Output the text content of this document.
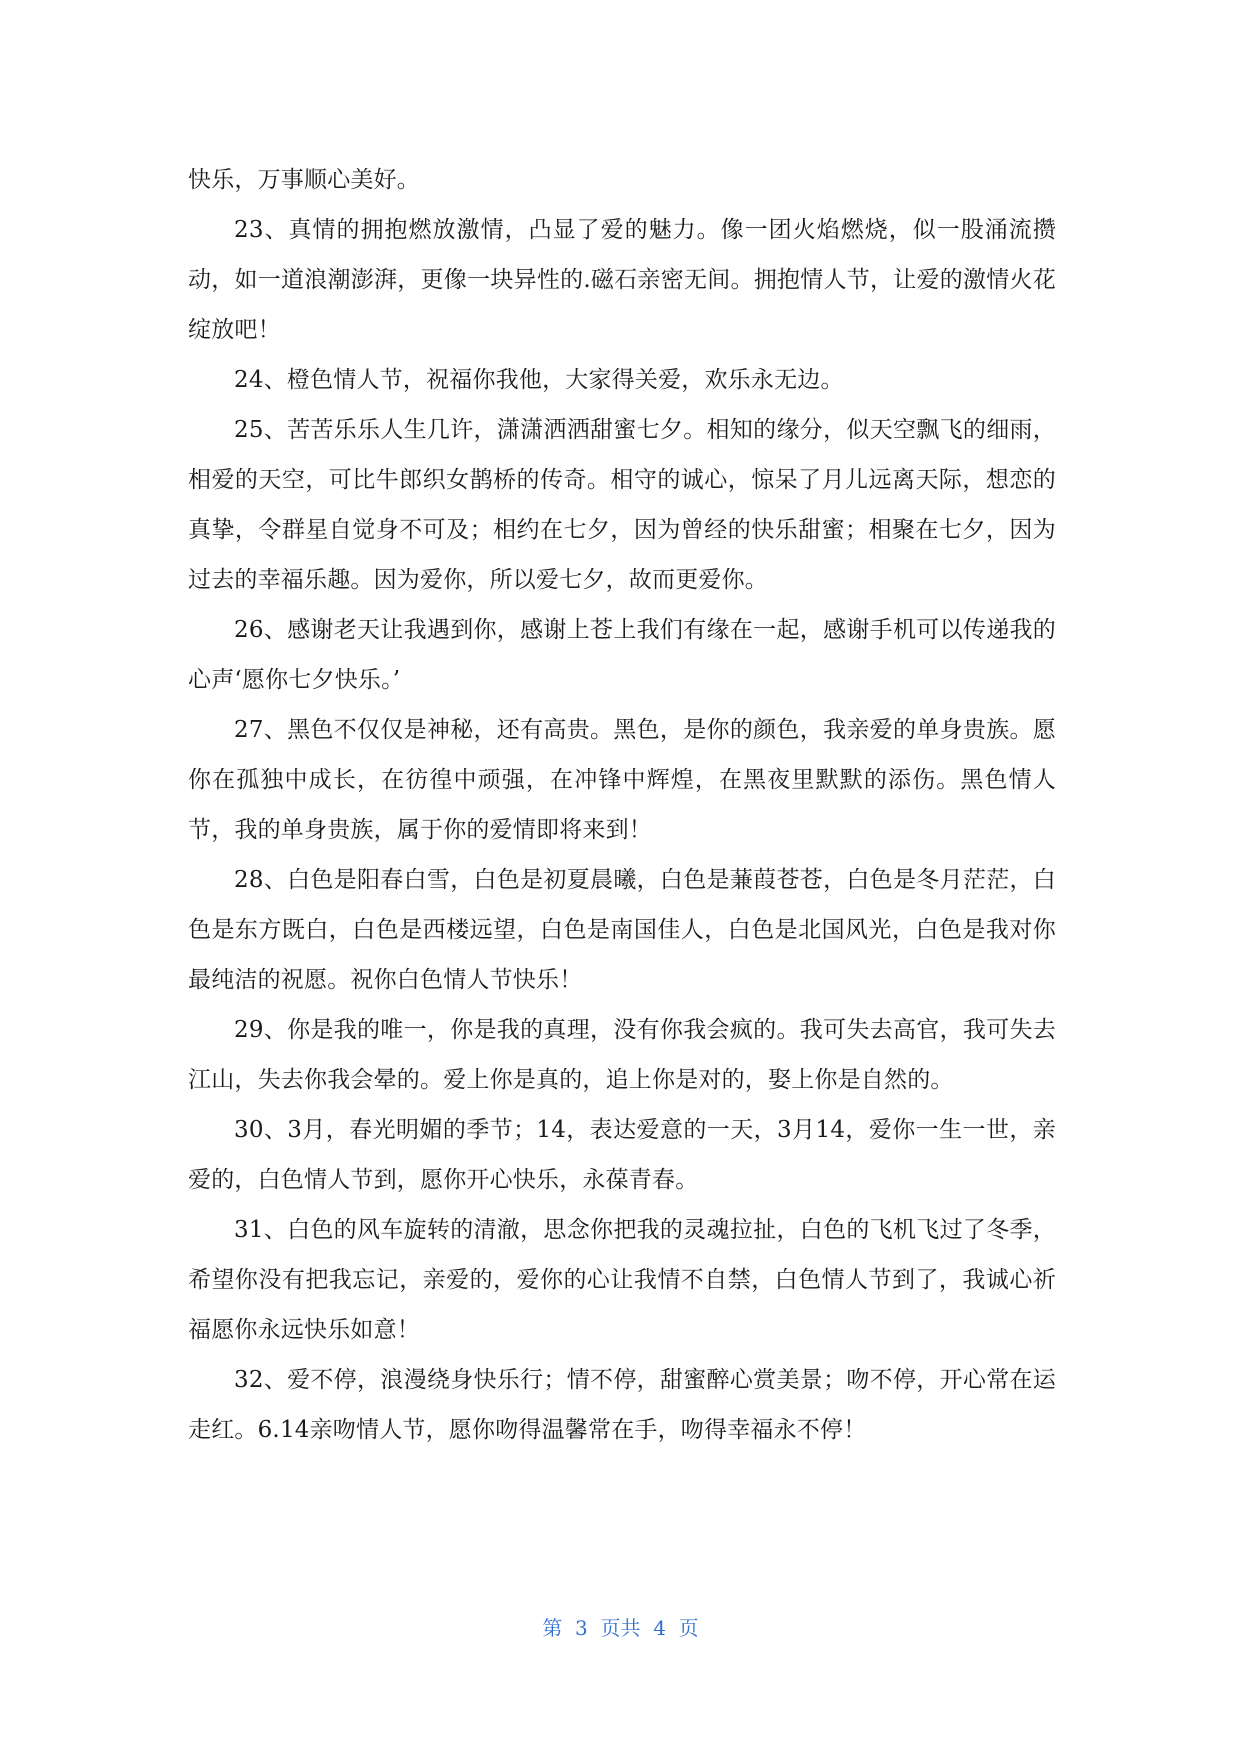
快乐，万事顺心美好。

23、真情的拥抱燃放激情，凸显了爱的魅力。像一团火焰燃烧，似一股涌流攒动，如一道浪潮澎湃，更像一块异性的.磁石亲密无间。拥抱情人节，让爱的激情火花绽放吧！

24、橙色情人节，祝福你我他，大家得关爱，欢乐永无边。

25、苦苦乐乐人生几许，潇潇洒洒甜蜜七夕。相知的缘分，似天空飘飞的细雨，相爱的天空，可比牛郎织女鹊桥的传奇。相守的诚心，惊呆了月儿远离天际，想恋的真挚，令群星自觉身不可及；相约在七夕，因为曾经的快乐甜蜜；相聚在七夕，因为过去的幸福乐趣。因为爱你，所以爱七夕，故而更爱你。

26、感谢老天让我遇到你，感谢上苍上我们有缘在一起，感谢手机可以传递我的心声‘愿你七夕快乐。’

27、黑色不仅仅是神秘，还有高贵。黑色，是你的颜色，我亲爱的单身贵族。愿你在孤独中成长，在彷徨中顽强，在冲锋中辉煌，在黑夜里默默的添伤。黑色情人节，我的单身贵族，属于你的爱情即将来到！

28、白色是阳春白雪，白色是初夏晨曦，白色是蒹葭苍苍，白色是冬月茫茫，白色是东方既白，白色是西楼远望，白色是南国佳人，白色是北国风光，白色是我对你最纯洁的祝愿。祝你白色情人节快乐！

29、你是我的唯一，你是我的真理，没有你我会疯的。我可失去高官，我可失去江山，失去你我会晕的。爱上你是真的，追上你是对的，娶上你是自然的。

30、3月，春光明媚的季节；14，表达爱意的一天，3月14，爱你一生一世，亲爱的，白色情人节到，愿你开心快乐，永葆青春。

31、白色的风车旋转的清澈，思念你把我的灵魂拉扯，白色的飞机飞过了冬季，希望你没有把我忘记，亲爱的，爱你的心让我情不自禁，白色情人节到了，我诚心祈福愿你永远快乐如意！

32、爱不停，浪漫绕身快乐行；情不停，甜蜜醉心赏美景；吻不停，开心常在运走红。6.14亲吻情人节，愿你吻得温馨常在手，吻得幸福永不停！

第  3  页共  4  页
